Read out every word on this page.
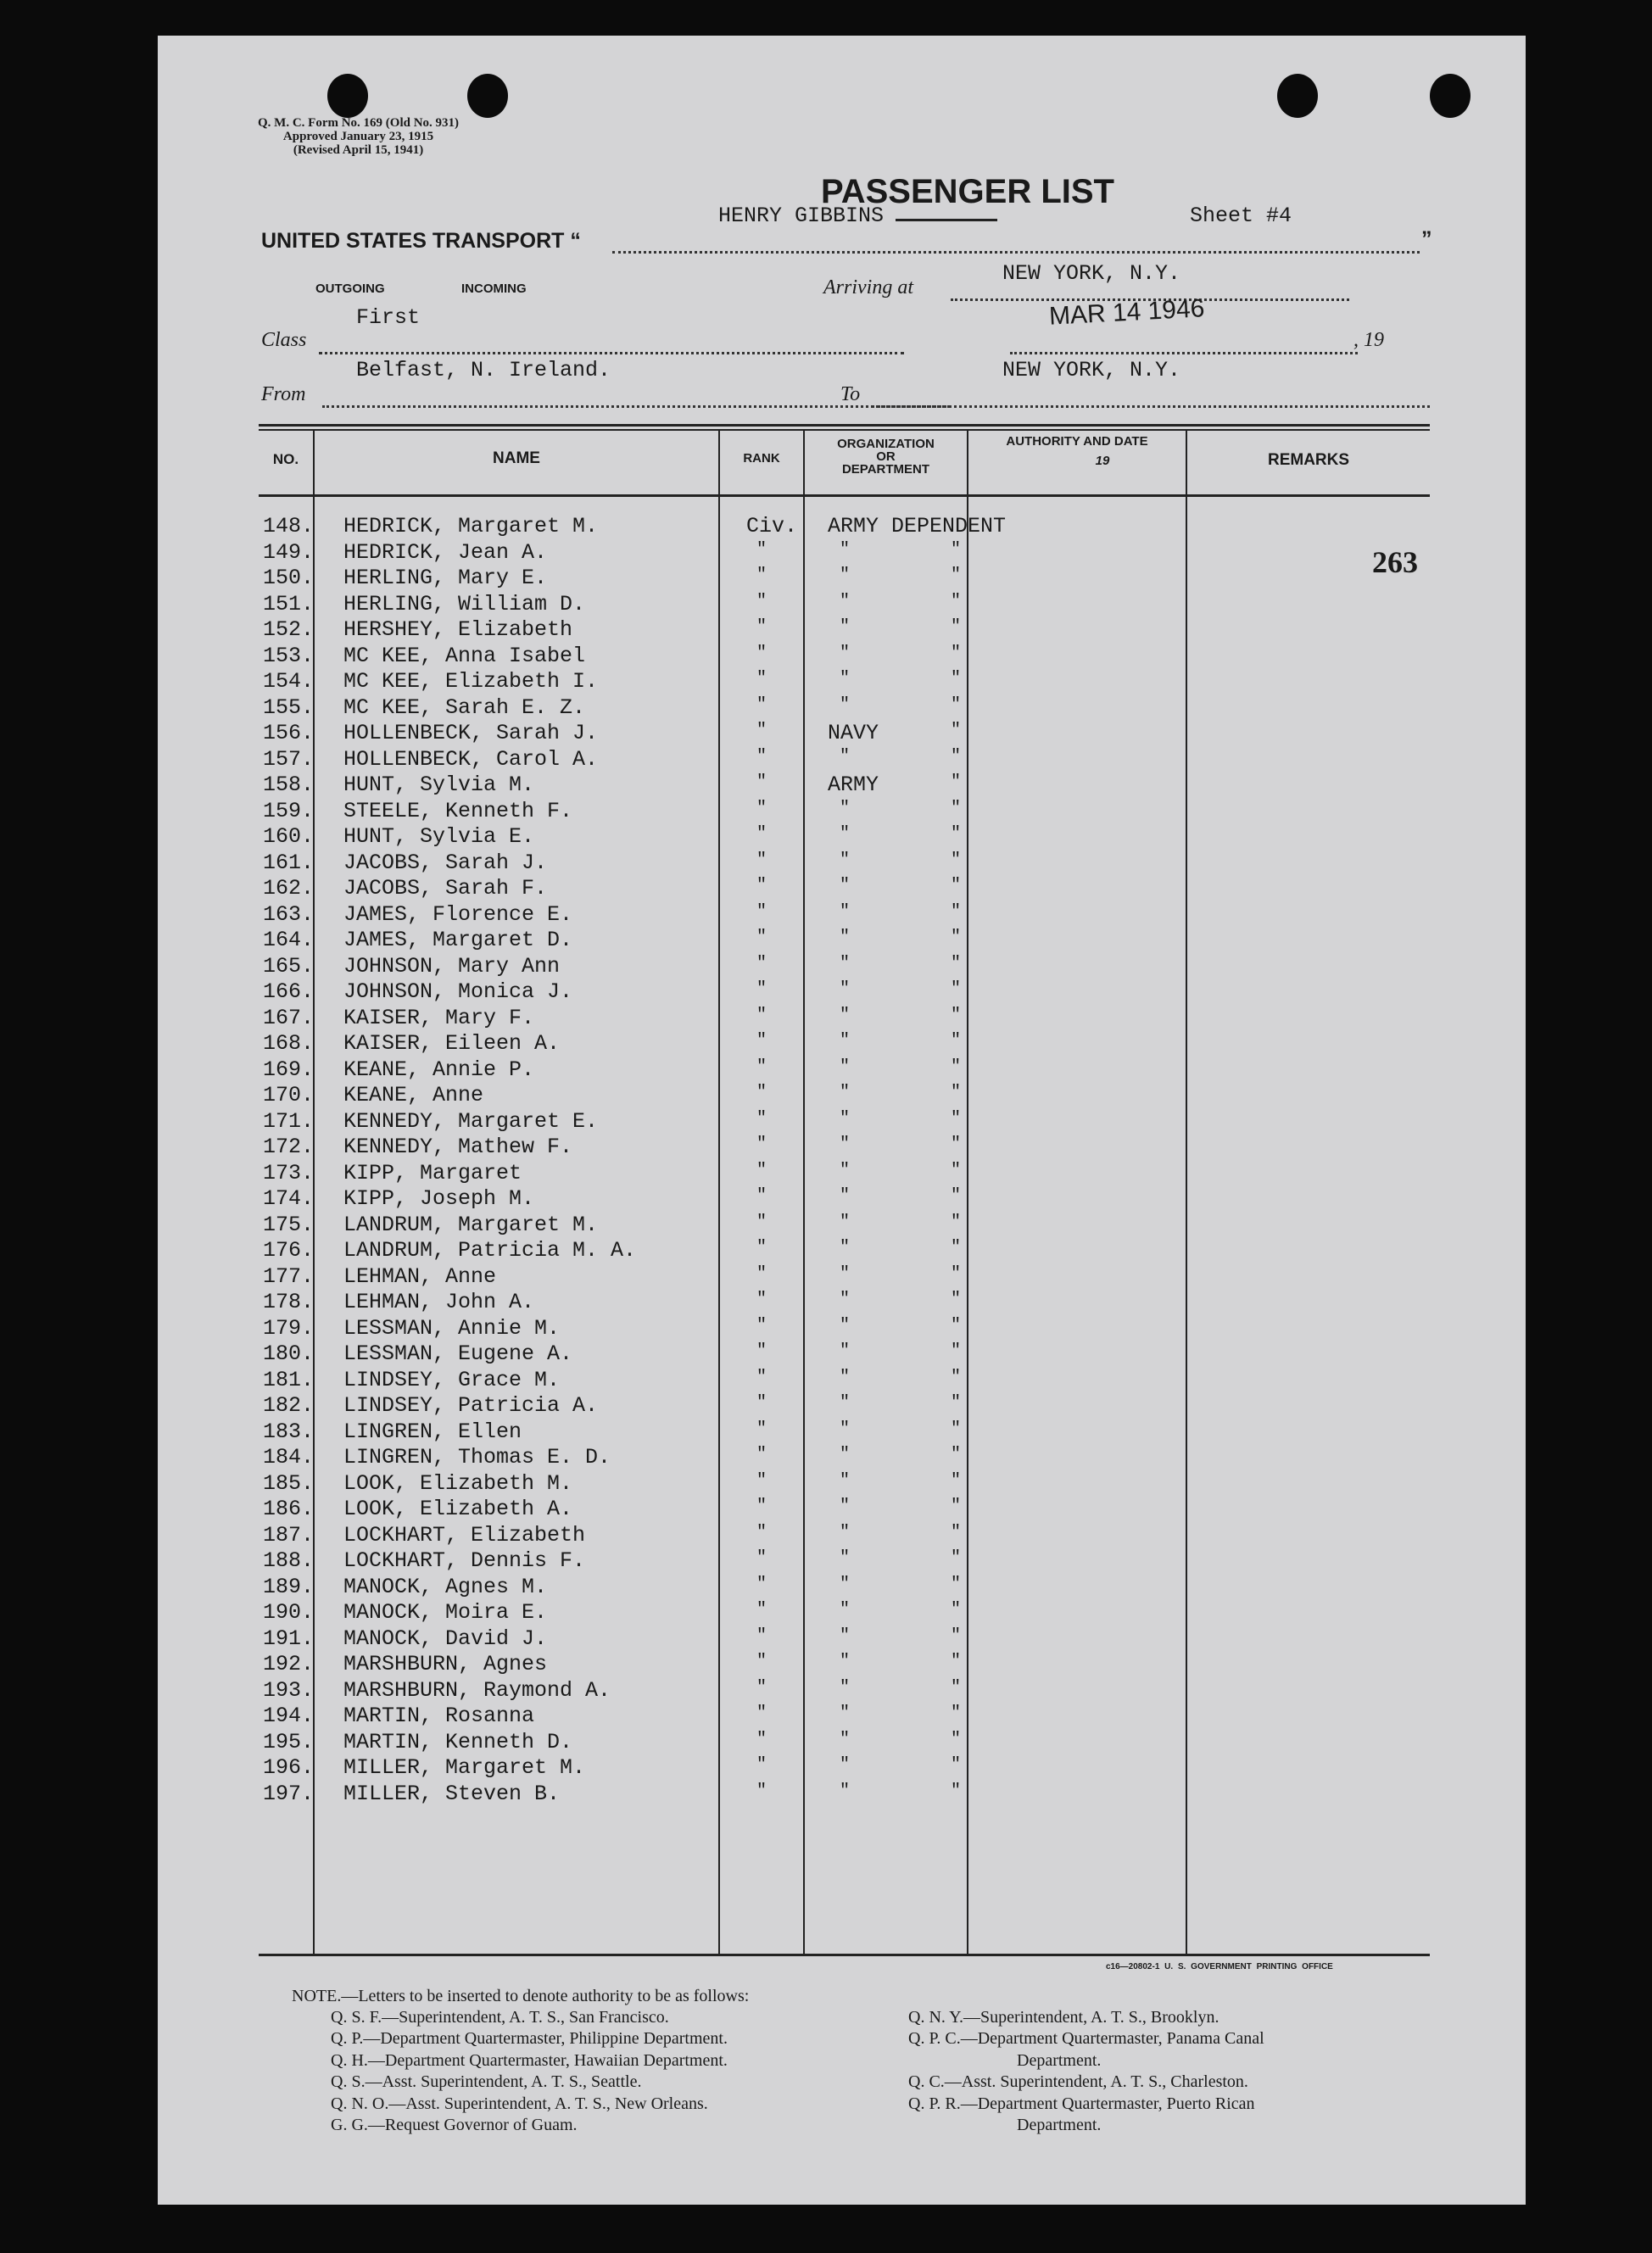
Q. M. C. Form No. 169 (Old No. 931)
Approved January 23, 1915
(Revised April 15, 1941)
PASSENGER LIST
HENRY GIBBINS	Sheet #4
UNITED STATES TRANSPORT “	”
OUTGOING	INCOMING	Arriving at
NEW YORK, N.Y.
First	MAR 14 1946
Class	, 19
Belfast, N. Ireland.	NEW YORK, N.Y.
From	To
NO.	NAME	RANK
ORGANIZATION
OR
DEPARTMENT
AUTHORITY AND DATE
19	REMARKS
263
148. HEDRICK, Margaret M.	Civ. ARMY DEPENDENT
149. HEDRICK, Jean A.	"	"	"
150. HERLING, Mary E.	"	"	"
151. HERLING, William D.	"	"	"
152. HERSHEY, Elizabeth	"	"	"
153. MC KEE, Anna Isabel	"	"	"
154. MC KEE, Elizabeth I.	"	"	"
155. MC KEE, Sarah E. Z.	"	"	"
156. HOLLENBECK, Sarah J.	"	NAVY	"
157. HOLLENBECK, Carol A.	"	"	"
158. HUNT, Sylvia M.	"	ARMY	"
159. STEELE, Kenneth F.	"	"	"
160. HUNT, Sylvia E.	"	"	"
161. JACOBS, Sarah J.	"	"	"
162. JACOBS, Sarah F.	"	"	"
163. JAMES, Florence E.	"	"	"
164. JAMES, Margaret D.	"	"	"
165. JOHNSON, Mary Ann	"	"	"
166. JOHNSON, Monica J.	"	"	"
167. KAISER, Mary F.	"	"	"
168. KAISER, Eileen A.	"	"	"
169. KEANE, Annie P.	"	"	"
170. KEANE, Anne	"	"	"
171. KENNEDY, Margaret E.	"	"	"
172. KENNEDY, Mathew F.	"	"	"
173. KIPP, Margaret	"	"	"
174. KIPP, Joseph M.	"	"	"
175. LANDRUM, Margaret M.	"	"	"
176. LANDRUM, Patricia M. A.	"	"	"
177. LEHMAN, Anne	"	"	"
178. LEHMAN, John A.	"	"	"
179. LESSMAN, Annie M.	"	"	"
180. LESSMAN, Eugene A.	"	"	"
181. LINDSEY, Grace M.	"	"	"
182. LINDSEY, Patricia A.	"	"	"
183. LINGREN, Ellen	"	"	"
184. LINGREN, Thomas E. D.	"	"	"
185. LOOK, Elizabeth M.	"	"	"
186. LOOK, Elizabeth A.	"	"	"
187. LOCKHART, Elizabeth	"	"	"
188. LOCKHART, Dennis F.	"	"	"
189. MANOCK, Agnes M.	"	"	"
190. MANOCK, Moira E.	"	"	"
191. MANOCK, David J.	"	"	"
192. MARSHBURN, Agnes	"	"	"
193. MARSHBURN, Raymond A.	"	"	"
194. MARTIN, Rosanna	"	"	"
195. MARTIN, Kenneth D.	"	"	"
196. MILLER, Margaret M.	"	"	"
197. MILLER, Steven B.	"	"	"
c16—20802-1 U. S. GOVERNMENT PRINTING OFFICE
NOTE.—Letters to be inserted to denote authority to be as follows:
Q. S. F.—Superintendent, A. T. S., San Francisco.
Q. P.—Department Quartermaster, Philippine Department.
Q. H.—Department Quartermaster, Hawaiian Department.
Q. S.—Asst. Superintendent, A. T. S., Seattle.
Q. N. O.—Asst. Superintendent, A. T. S., New Orleans.
G. G.—Request Governor of Guam.
Q. N. Y.—Superintendent, A. T. S., Brooklyn.
Q. P. C.—Department Quartermaster, Panama Canal
Department.
Q. C.—Asst. Superintendent, A. T. S., Charleston.
Q. P. R.—Department Quartermaster, Puerto Rican
Department.
